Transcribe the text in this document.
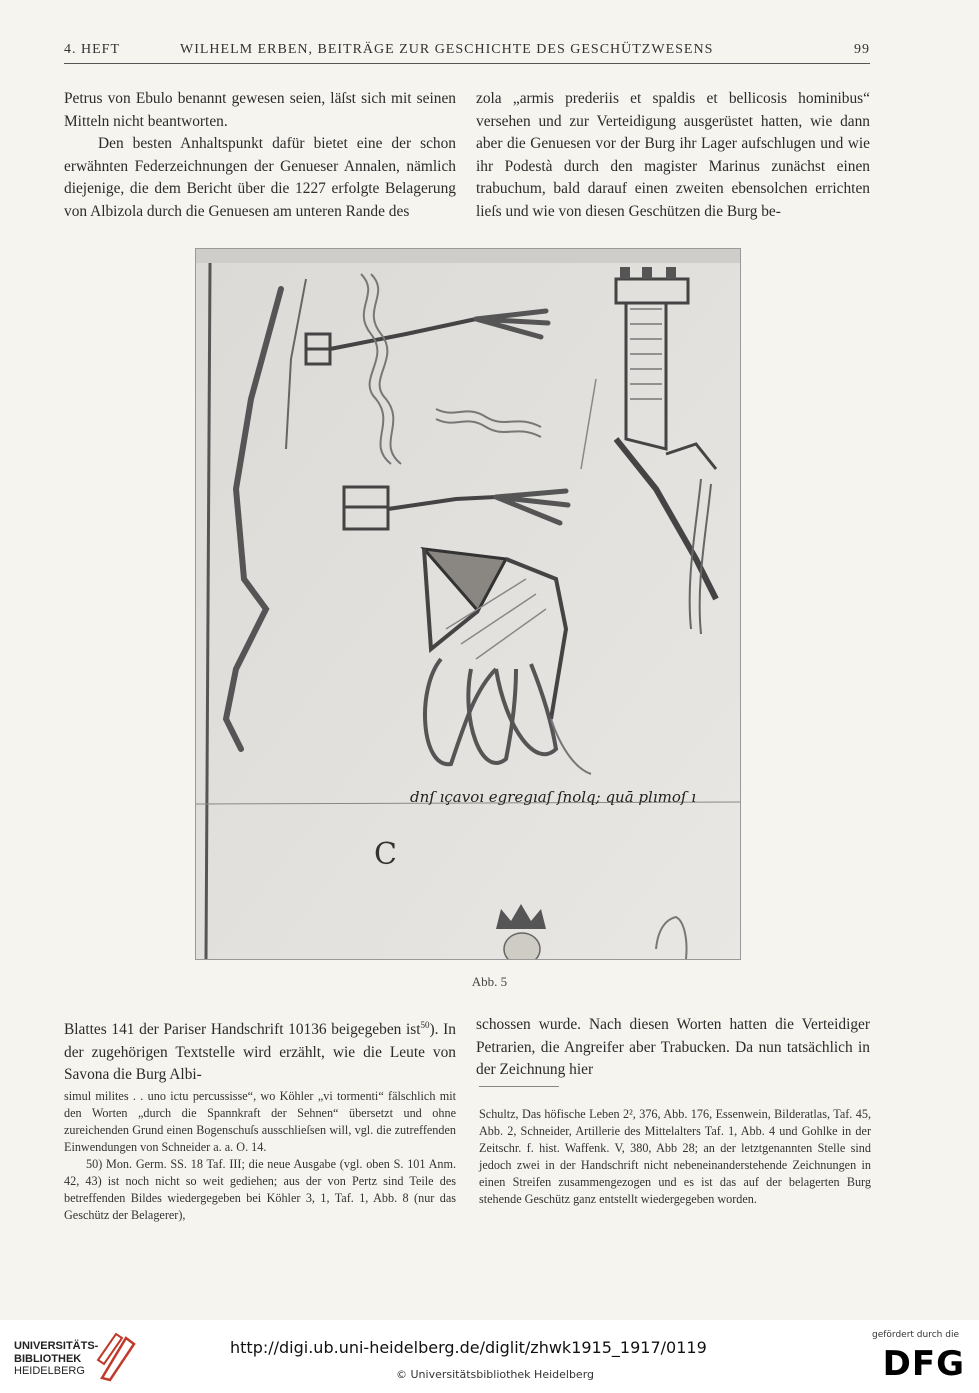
4. HEFT	WILHELM ERBEN, BEITRÄGE ZUR GESCHICHTE DES GESCHÜTZWESENS	99

Petrus von Ebulo benannt gewesen seien, läſst sich mit seinen Mitteln nicht beantworten.

Den besten Anhaltspunkt dafür bietet eine der schon erwähnten Federzeichnungen der Genueser Annalen, nämlich diejenige, die dem Bericht über die 1227 erfolgte Belagerung von Albizola durch die Genuesen am unteren Rande des

zola „armis prederiis et spaldis et bellicosis hominibus“ versehen und zur Verteidigung ausgerüstet hatten, wie dann aber die Genuesen vor der Burg ihr Lager aufschlugen und wie ihr Podestà durch den magister Marinus zunächst einen trabuchum, bald darauf einen zweiten ebensolchen errichten lieſs und wie von diesen Geschützen die Burg be-

C
dnſ ıçavoı egregıaſ ſnolq; quā plımoſ ı
Abb. 5

Blattes 141 der Pariser Handschrift 10136 beigegeben ist$^{50}$). In der zugehörigen Textstelle wird erzählt, wie die Leute von Savona die Burg Albi-

schossen wurde. Nach diesen Worten hatten die Verteidiger Petrarien, die Angreifer aber Trabucken. Da nun tatsächlich in der Zeichnung hier

simul milites . . uno ictu percussisse“, wo Köhler „vi tormenti“ fälschlich mit den Worten „durch die Spannkraft der Sehnen“ übersetzt und ohne zureichenden Grund einen Bogenschuſs ausschlieſsen will, vgl. die zutreffenden Einwendungen von Schneider a. a. O. 14.

50) Mon. Germ. SS. 18 Taf. III; die neue Ausgabe (vgl. oben S. 101 Anm. 42, 43) ist noch nicht so weit gediehen; aus der von Pertz sind Teile des betreffenden Bildes wiedergegeben bei Köhler 3, 1, Taf. 1, Abb. 8 (nur das Geschütz der Belagerer),

Schultz, Das höfische Leben 2², 376, Abb. 176, Essenwein, Bilderatlas, Taf. 45, Abb. 2, Schneider, Artillerie des Mittelalters Taf. 1, Abb. 4 und Gohlke in der Zeitschr. f. hist. Waffenk. V, 380, Abb 28; an der letztgenannten Stelle sind jedoch zwei in der Handschrift nicht nebeneinanderstehende Zeichnungen in einen Streifen zusammengezogen und es ist das auf der belagerten Burg stehende Geschütz ganz entstellt wiedergegeben worden.

UNIVERSITÄTS-
BIBLIOTHEK
HEIDELBERG
http://digi.ub.uni-heidelberg.de/diglit/zhwk1915_1917/0119
© Universitätsbibliothek Heidelberg
gefördert durch die
DFG
